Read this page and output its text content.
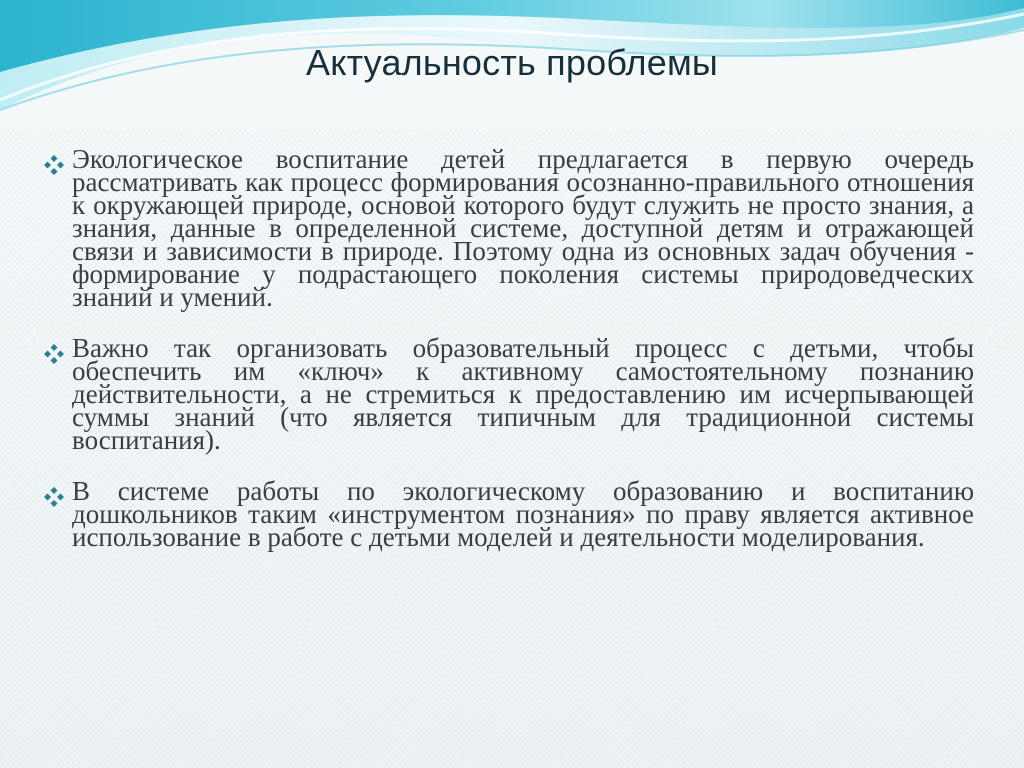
Актуальность проблемы
Экологическое воспитание детей предлагается в первую очередь рассматривать как процесс формирования осознанно-правильного отношения к окружающей природе, основой которого будут служить не просто знания, а знания, данные в определенной системе, доступной детям и отражающей связи и зависимости в природе. Поэтому одна из основных задач обучения - формирование у подрастающего поколения системы природоведческих знаний и умений.
Важно так организовать образовательный процесс с детьми, чтобы обеспечить им «ключ» к активному самостоятельному познанию действительности, а не стремиться к предоставлению им исчерпывающей суммы знаний (что является типичным для традиционной системы воспитания).
В системе работы по экологическому образованию и воспитанию дошкольников таким «инструментом познания» по праву является активное использование в работе с детьми моделей и деятельности моделирования.
